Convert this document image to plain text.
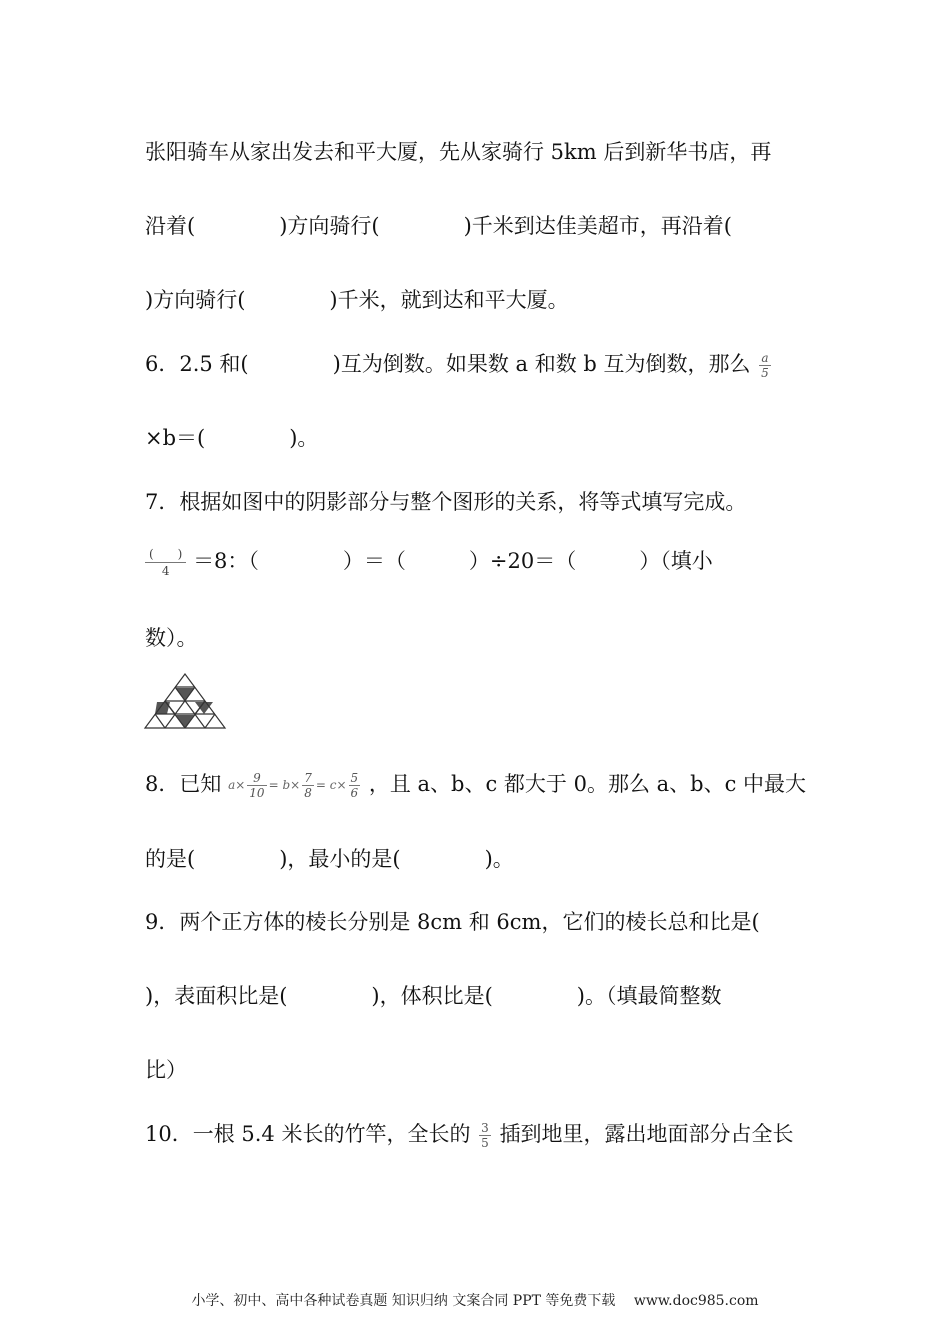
张阳骑车从家出发去和平大厦，先从家骑行 5km 后到新华书店，再
沿着(　　　　)方向骑行(　　　　)千米到达佳美超市，再沿着(
)方向骑行(　　　　)千米，就到达和平大厦。
6．2.5 和(　　　　)互为倒数。如果数 a 和数 b 互为倒数，那么 $\frac{a}{5}$
×b＝(　　　　)。
7．根据如图中的阴影部分与整个图形的关系，将等式填写完成。
$\frac{( )}{4} =8$：（　　　　）＝（　　　）÷20＝（　　　）（填小
数）。
8．已知 $a\times \frac{9}{10} = b\times \frac{7}{8} = c\times \frac{5}{6}$ ，且 a、b、c 都大于 0。那么 a、b、c 中最大
的是(　　　　)，最小的是(　　　　)。
9．两个正方体的棱长分别是 8cm 和 6cm，它们的棱长总和比是(
)，表面积比是(　　　　)，体积比是(　　　　)。（填最简整数
比）
10．一根 5.4 米长的竹竿，全长的 $\frac{3}{5}$ 插到地里，露出地面部分占全长
小学、初中、高中各种试卷真题 知识归纳 文案合同 PPT 等免费下载　 www.doc985.com
